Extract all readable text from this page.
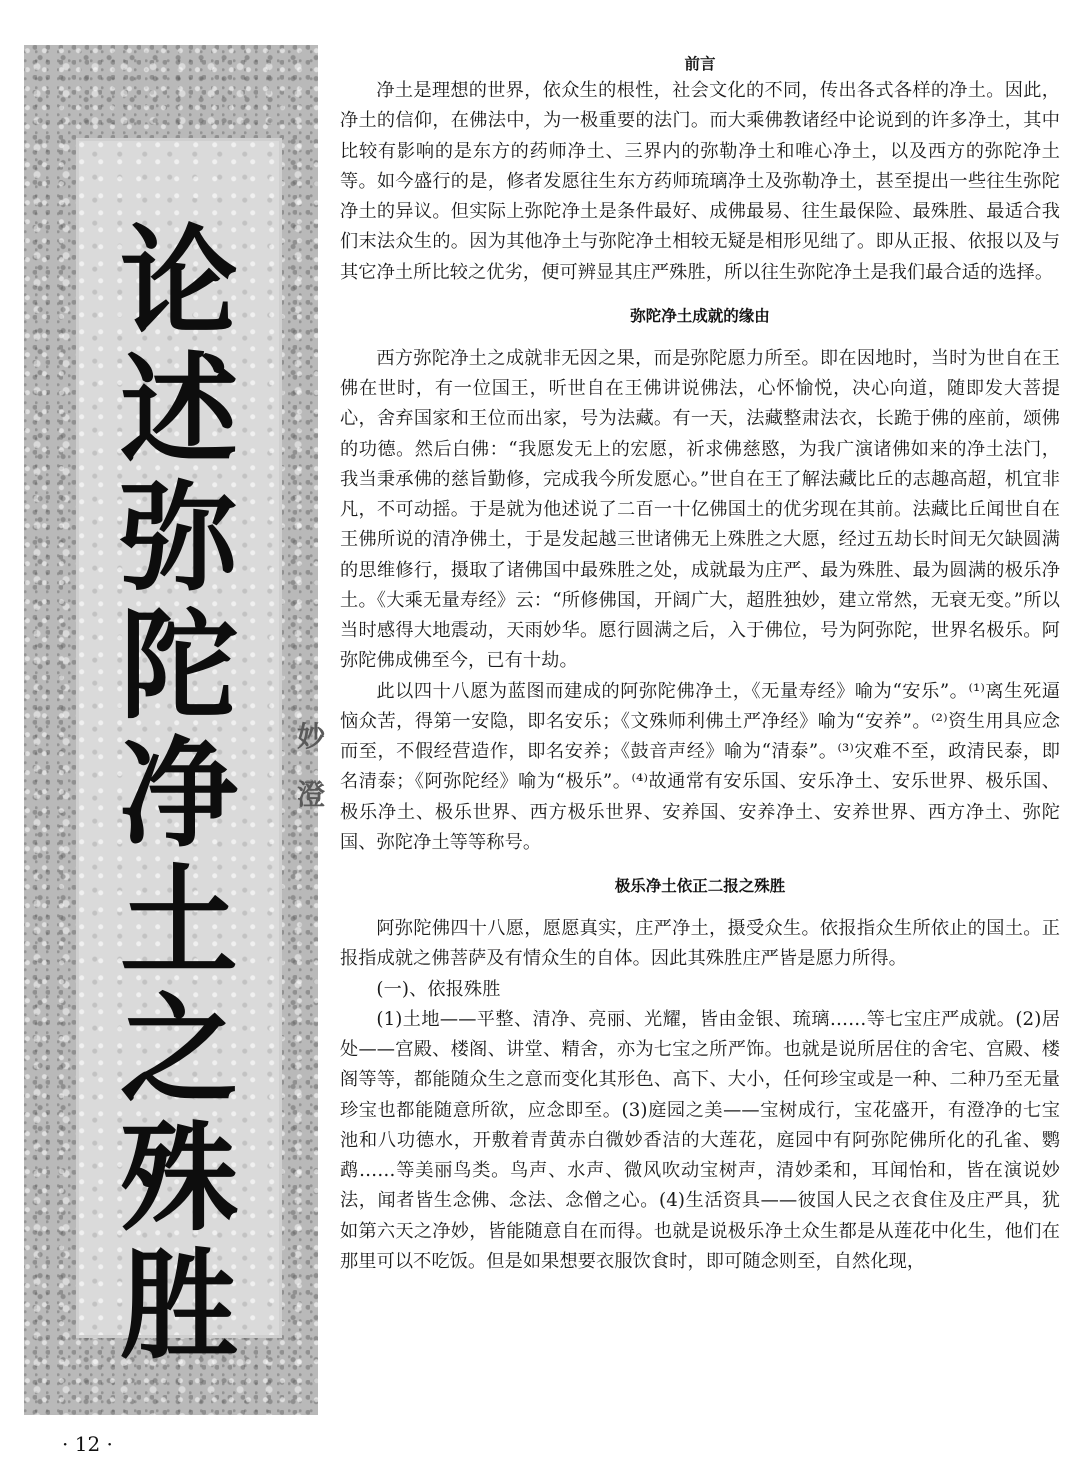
论
述
弥
陀
净
土
之
殊
胜
妙
澄
前言

净土是理想的世界，依众生的根性，社会文化的不同，传出各式各样的净土。因此，净土的信仰，在佛法中，为一极重要的法门。而大乘佛教诸经中论说到的许多净土，其中比较有影响的是东方的药师净土、三界内的弥勒净土和唯心净土，以及西方的弥陀净土等。如今盛行的是，修者发愿往生东方药师琉璃净土及弥勒净土，甚至提出一些往生弥陀净土的异议。但实际上弥陀净土是条件最好、成佛最易、往生最保险、最殊胜、最适合我们末法众生的。因为其他净土与弥陀净土相较无疑是相形见绌了。即从正报、依报以及与其它净土所比较之优劣，便可辨显其庄严殊胜，所以往生弥陀净土是我们最合适的选择。

弥陀净土成就的缘由

西方弥陀净土之成就非无因之果，而是弥陀愿力所至。即在因地时，当时为世自在王佛在世时，有一位国王，听世自在王佛讲说佛法，心怀愉悦，决心向道，随即发大菩提心，舍弃国家和王位而出家，号为法藏。有一天，法藏整肃法衣，长跪于佛的座前，颂佛的功德。然后白佛：“我愿发无上的宏愿，祈求佛慈愍，为我广演诸佛如来的净土法门，我当秉承佛的慈旨勤修，完成我今所发愿心。”世自在王了解法藏比丘的志趣高超，机宜非凡，不可动摇。于是就为他述说了二百一十亿佛国土的优劣现在其前。法藏比丘闻世自在王佛所说的清净佛土，于是发起越三世诸佛无上殊胜之大愿，经过五劫长时间无欠缺圆满的思维修行，摄取了诸佛国中最殊胜之处，成就最为庄严、最为殊胜、最为圆满的极乐净土。《大乘无量寿经》云：“所修佛国，开阔广大，超胜独妙，建立常然，无衰无变。”所以当时感得大地震动，天雨妙华。愿行圆满之后，入于佛位，号为阿弥陀，世界名极乐。阿弥陀佛成佛至今，已有十劫。

此以四十八愿为蓝图而建成的阿弥陀佛净土，《无量寿经》喻为“安乐”。⁽¹⁾离生死逼恼众苦，得第一安隐，即名安乐；《文殊师利佛土严净经》喻为“安养”。⁽²⁾资生用具应念而至，不假经营造作，即名安养；《鼓音声经》喻为“清泰”。⁽³⁾灾难不至，政清民泰，即名清泰；《阿弥陀经》喻为“极乐”。⁽⁴⁾故通常有安乐国、安乐净土、安乐世界、极乐国、极乐净土、极乐世界、西方极乐世界、安养国、安养净土、安养世界、西方净土、弥陀国、弥陀净土等等称号。

极乐净土依正二报之殊胜

阿弥陀佛四十八愿，愿愿真实，庄严净土，摄受众生。依报指众生所依止的国土。正报指成就之佛菩萨及有情众生的自体。因此其殊胜庄严皆是愿力所得。

(一)、依报殊胜

(1)土地——平整、清净、亮丽、光耀，皆由金银、琉璃……等七宝庄严成就。(2)居处——宫殿、楼阁、讲堂、精舍，亦为七宝之所严饰。也就是说所居住的舍宅、宫殿、楼阁等等，都能随众生之意而变化其形色、高下、大小，任何珍宝或是一种、二种乃至无量珍宝也都能随意所欲，应念即至。(3)庭园之美——宝树成行，宝花盛开，有澄净的七宝池和八功德水，开敷着青黄赤白微妙香洁的大莲花，庭园中有阿弥陀佛所化的孔雀、鹦鹉……等美丽鸟类。鸟声、水声、微风吹动宝树声，清妙柔和，耳闻怡和，皆在演说妙法，闻者皆生念佛、念法、念僧之心。(4)生活资具——彼国人民之衣食住及庄严具，犹如第六天之净妙，皆能随意自在而得。也就是说极乐净土众生都是从莲花中化生，他们在那里可以不吃饭。但是如果想要衣服饮食时，即可随念则至，自然化现，

· 12 ·
